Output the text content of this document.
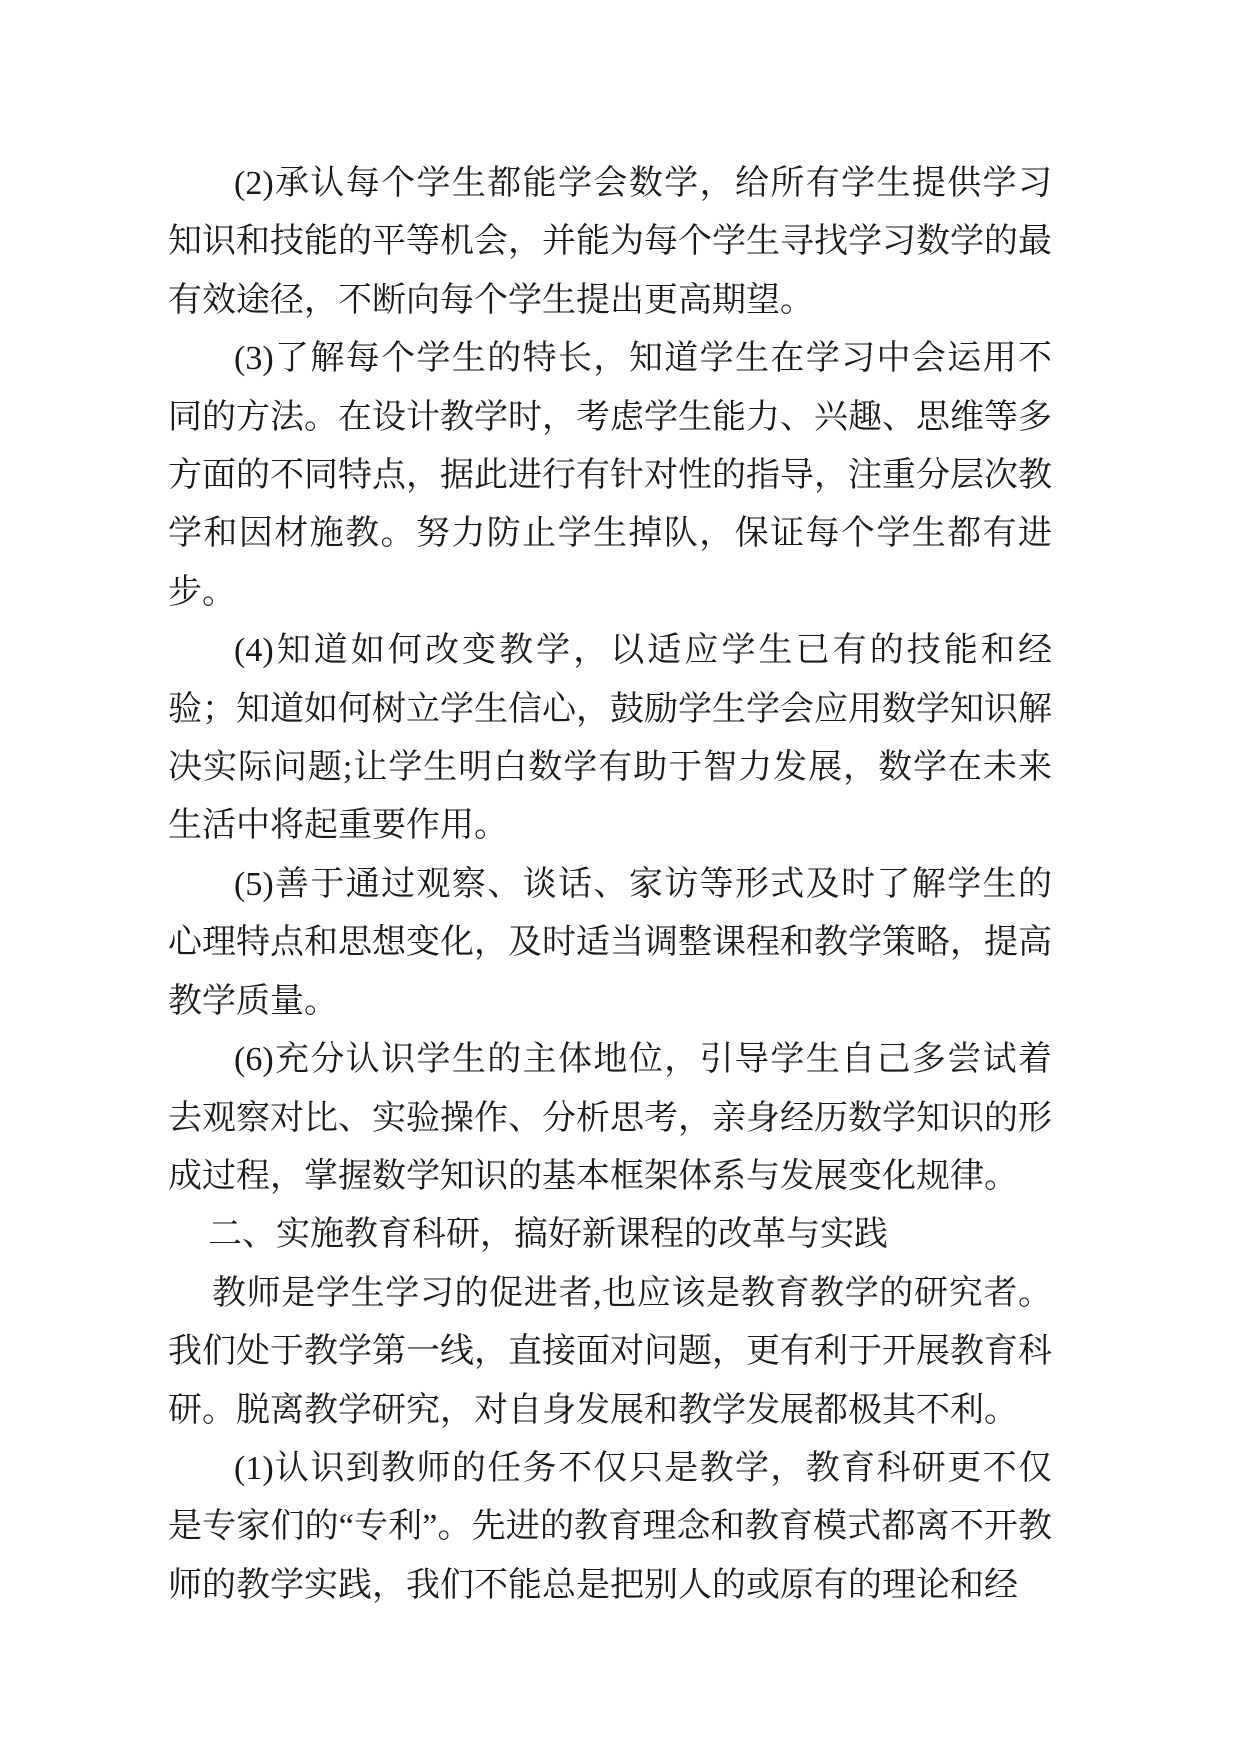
(2)承认每个学生都能学会数学，给所有学生提供学习知识和技能的平等机会，并能为每个学生寻找学习数学的最有效途径，不断向每个学生提出更高期望。

(3)了解每个学生的特长，知道学生在学习中会运用不同的方法。在设计教学时，考虑学生能力、兴趣、思维等多方面的不同特点，据此进行有针对性的指导，注重分层次教学和因材施教。努力防止学生掉队，保证每个学生都有进步。

(4)知道如何改变教学，以适应学生已有的技能和经验；知道如何树立学生信心，鼓励学生学会应用数学知识解决实际问题;让学生明白数学有助于智力发展，数学在未来生活中将起重要作用。

(5)善于通过观察、谈话、家访等形式及时了解学生的心理特点和思想变化，及时适当调整课程和教学策略，提高教学质量。

(6)充分认识学生的主体地位，引导学生自己多尝试着去观察对比、实验操作、分析思考，亲身经历数学知识的形成过程，掌握数学知识的基本框架体系与发展变化规律。

二、实施教育科研，搞好新课程的改革与实践

教师是学生学习的促进者,也应该是教育教学的研究者。我们处于教学第一线，直接面对问题，更有利于开展教育科研。脱离教学研究，对自身发展和教学发展都极其不利。

(1)认识到教师的任务不仅只是教学，教育科研更不仅是专家们的“专利”。先进的教育理念和教育模式都离不开教师的教学实践，我们不能总是把别人的或原有的理论和经
